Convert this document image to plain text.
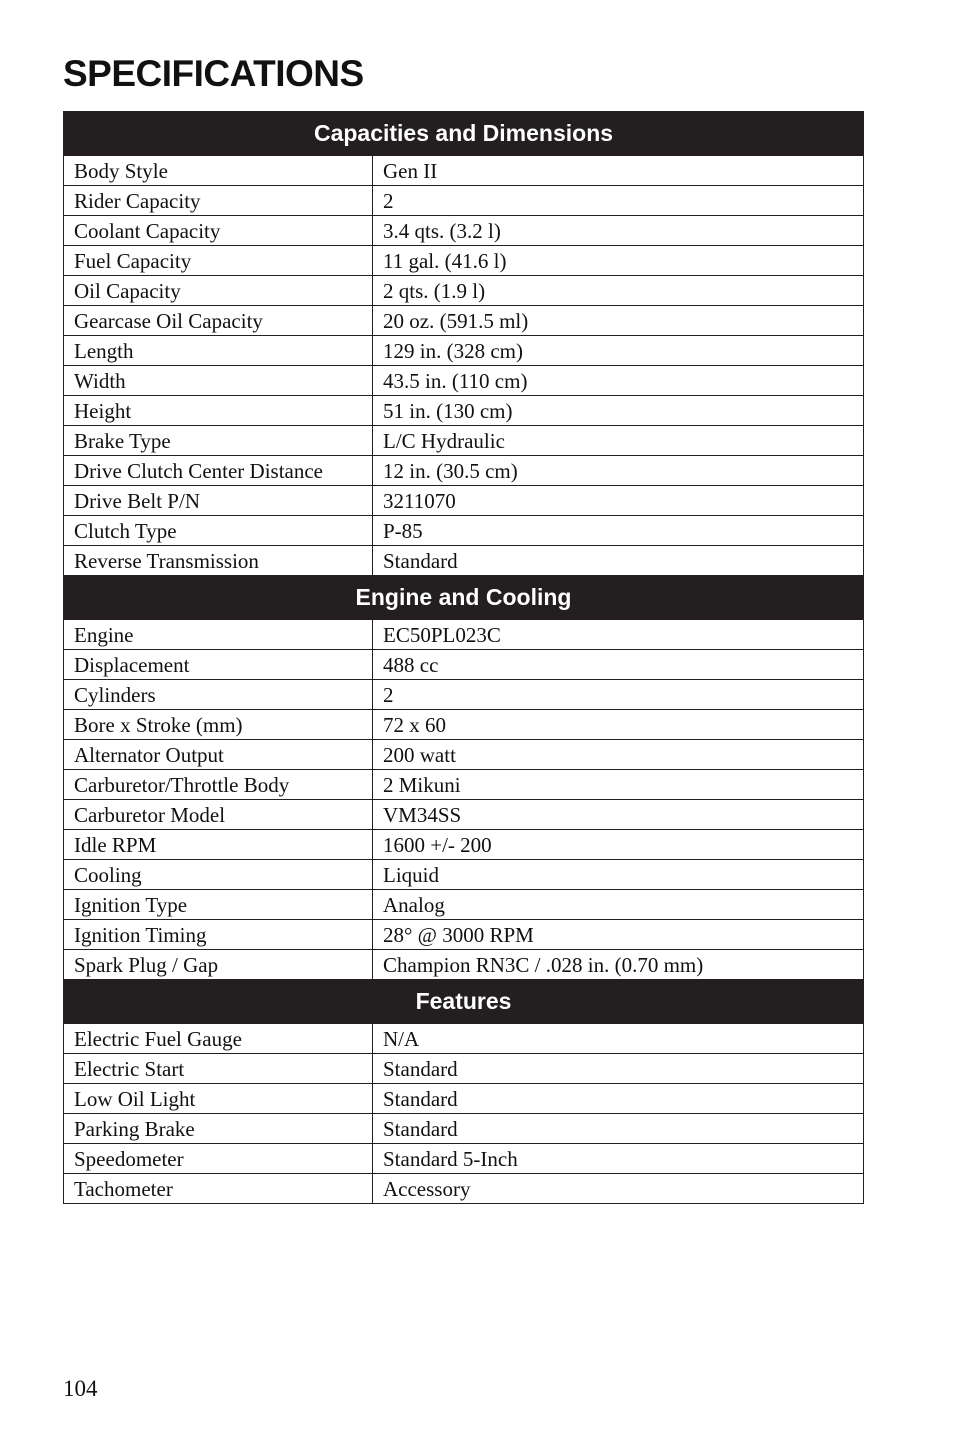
SPECIFICATIONS
Capacities and Dimensions	
Body Style	Gen II
Rider Capacity	2
Coolant Capacity	3.4 qts. (3.2 l)
Fuel Capacity	11 gal. (41.6 l)
Oil Capacity	2 qts. (1.9 l)
Gearcase Oil Capacity	20 oz. (591.5 ml)
Length	129 in. (328 cm)
Width	43.5 in. (110 cm)
Height	51 in. (130 cm)
Brake Type	L/C Hydraulic
Drive Clutch Center Distance	12 in. (30.5 cm)
Drive Belt P/N	3211070
Clutch Type	P-85
Reverse Transmission	Standard
Engine and Cooling	
Engine	EC50PL023C
Displacement	488 cc
Cylinders	2
Bore x Stroke (mm)	72 x 60
Alternator Output	200 watt
Carburetor/Throttle Body	2 Mikuni
Carburetor Model	VM34SS
Idle RPM	1600 +/- 200
Cooling	Liquid
Ignition Type	Analog
Ignition Timing	28° @ 3000 RPM
Spark Plug / Gap	Champion RN3C / .028 in. (0.70 mm)
Features	
Electric Fuel Gauge	N/A
Electric Start	Standard
Low Oil Light	Standard
Parking Brake	Standard
Speedometer	Standard 5-Inch
Tachometer	Accessory
104
